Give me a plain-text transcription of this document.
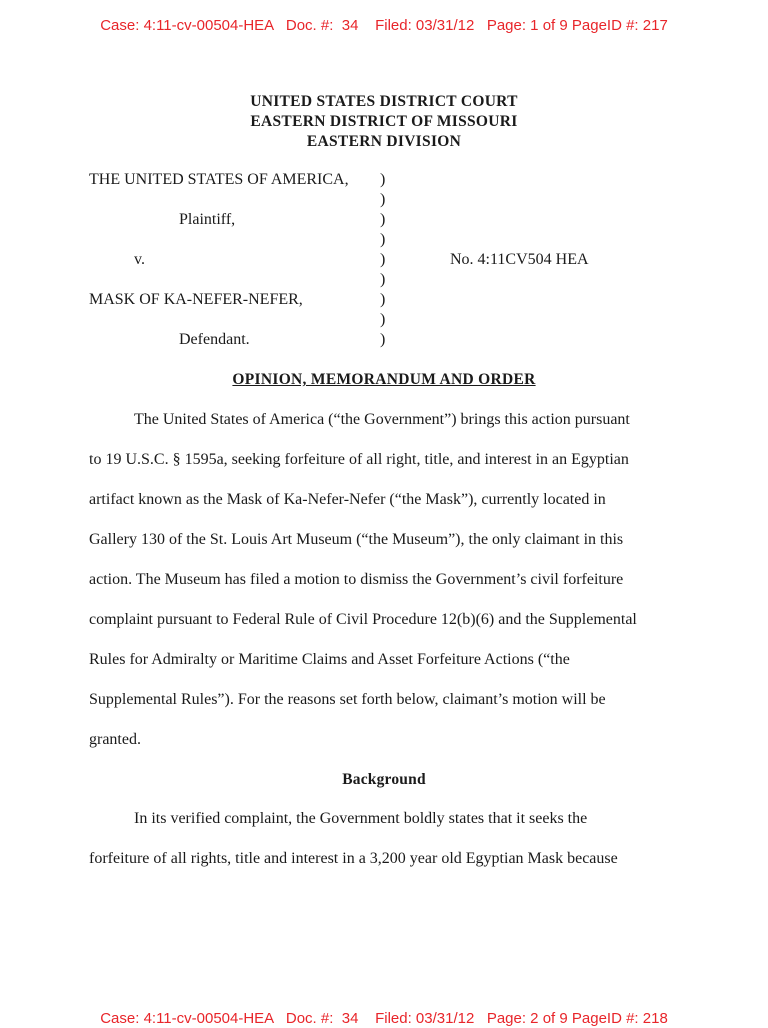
Case: 4:11-cv-00504-HEA   Doc. #:  34    Filed: 03/31/12   Page: 1 of 9 PageID #: 217
UNITED STATES DISTRICT COURT
EASTERN DISTRICT OF MISSOURI
EASTERN DIVISION
THE UNITED STATES OF AMERICA,
Plaintiff,
v.
MASK OF KA-NEFER-NEFER,
Defendant.
)
)
)
)
)
)
)
)
)
No. 4:11CV504 HEA
OPINION, MEMORANDUM AND ORDER
The United States of America (“the Government”) brings this action pursuant
to 19 U.S.C. § 1595a, seeking forfeiture of all right, title, and interest in an Egyptian
artifact known as the Mask of Ka-Nefer-Nefer (“the Mask”), currently located in
Gallery 130 of the St. Louis Art Museum (“the Museum”), the only claimant in this
action. The Museum has filed a motion to dismiss the Government’s civil forfeiture
complaint pursuant to Federal Rule of Civil Procedure 12(b)(6) and the Supplemental
Rules for Admiralty or Maritime Claims and Asset Forfeiture Actions (“the
Supplemental Rules”). For the reasons set forth below, claimant’s motion will be
granted.
Background
In its verified complaint, the Government boldly states that it seeks the
forfeiture of all rights, title and interest in a 3,200 year old Egyptian Mask because
Case: 4:11-cv-00504-HEA   Doc. #:  34    Filed: 03/31/12   Page: 2 of 9 PageID #: 218
